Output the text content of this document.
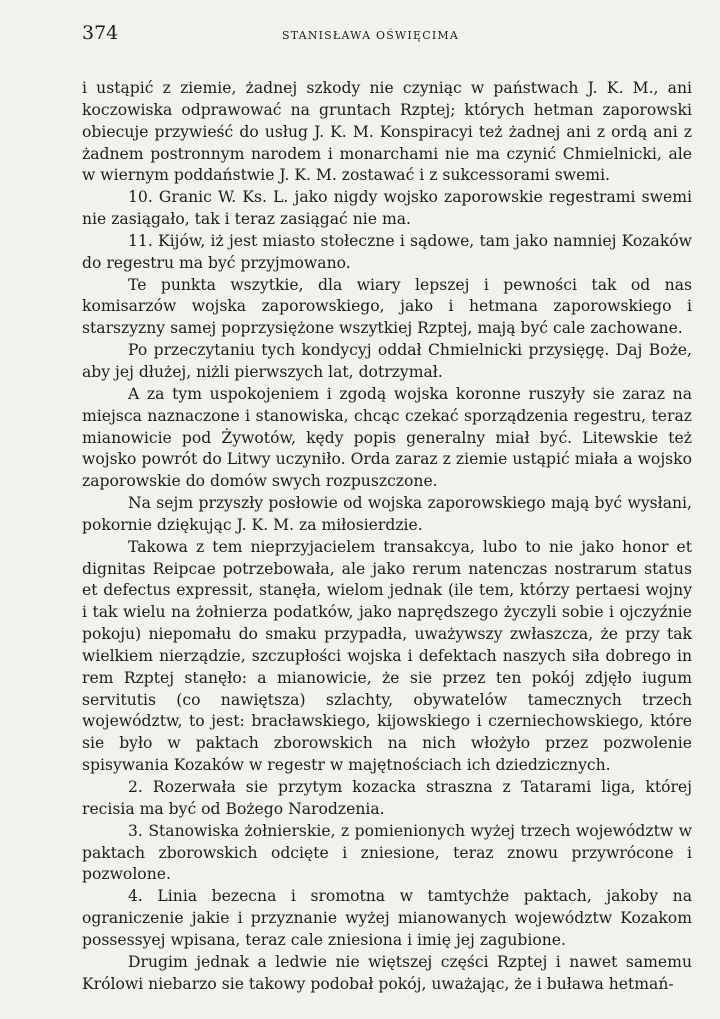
374	STANISŁAWA OŚWIĘCIMA

i ustąpić z ziemie, żadnej szkody nie czyniąc w państwach J. K. M., ani koczowiska odprawować na gruntach Rzptej; których hetman zaporowski obiecuje przywieść do usług J. K. M. Konspiracyi też żadnej ani z ordą ani z żadnem postronnym narodem i monarchami nie ma czynić Chmielnicki, ale w wiernym poddaństwie J. K. M. zostawać i z sukcessorami swemi.

10. Granic W. Ks. L. jako nigdy wojsko zaporowskie regestrami swemi nie zasiągało, tak i teraz zasiągać nie ma.

11. Kijów, iż jest miasto stołeczne i sądowe, tam jako namniej Kozaków do regestru ma być przyjmowano.

Te punkta wszytkie, dla wiary lepszej i pewności tak od nas komisarzów wojska zaporowskiego, jako i hetmana zaporowskiego i starszyzny samej poprzysiężone wszytkiej Rzptej, mają być cale zachowane.

Po przeczytaniu tych kondycyj oddał Chmielnicki przysięgę. Daj Boże, aby jej dłużej, niżli pierwszych lat, dotrzymał.

A za tym uspokojeniem i zgodą wojska koronne ruszyły sie zaraz na miejsca naznaczone i stanowiska, chcąc czekać sporządzenia regestru, teraz mianowicie pod Żywotów, kędy popis generalny miał być. Litewskie też wojsko powrót do Litwy uczyniło. Orda zaraz z ziemie ustąpić miała a wojsko zaporowskie do domów swych rozpuszczone.

Na sejm przyszły posłowie od wojska zaporowskiego mają być wysłani, pokornie dziękując J. K. M. za miłosierdzie.

Takowa z tem nieprzyjacielem transakcya, lubo to nie jako honor et dignitas Reipcae potrzebowała, ale jako rerum natenczas nostrarum status et defectus expressit, stanęła, wielom jednak (ile tem, którzy pertaesi wojny i tak wielu na żołnierza podatków, jako naprędszego życzyli sobie i ojczyźnie pokoju) niepomału do smaku przypadła, uważywszy zwłaszcza, że przy tak wielkiem nierządzie, szczupłości wojska i defektach naszych siła dobrego in rem Rzptej stanęło: a mianowicie, że sie przez ten pokój zdjęło iugum servitutis (co nawiętsza) szlachty, obywatelów tamecznych trzech województw, to jest: bracławskiego, kijowskiego i czerniechowskiego, które sie było w paktach zborowskich na nich włożyło przez pozwolenie spisywania Kozaków w regestr w majętnościach ich dziedzicznych.

2. Rozerwała sie przytym kozacka straszna z Tatarami liga, której recisia ma być od Bożego Narodzenia.

3. Stanowiska żołnierskie, z pomienionych wyżej trzech województw w paktach zborowskich odcięte i zniesione, teraz znowu przywrócone i pozwolone.

4. Linia bezecna i sromotna w tamtychże paktach, jakoby na ograniczenie jakie i przyznanie wyżej mianowanych województw Kozakom possessyej wpisana, teraz cale zniesiona i imię jej zagubione.

Drugim jednak a ledwie nie więtszej części Rzptej i nawet samemu Królowi niebarzo sie takowy podobał pokój, uważając, że i buława hetmań-
